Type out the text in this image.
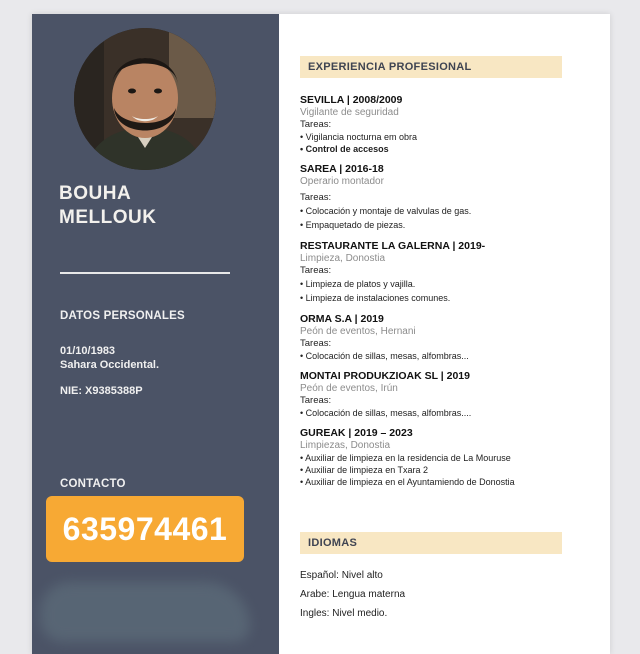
BOUHA
MELLOUK
DATOS PERSONALES
01/10/1983
Sahara Occidental.
NIE: X9385388P
CONTACTO
635974461
EXPERIENCIA PROFESIONAL
SEVILLA | 2008/2009
Vigilante de seguridad
Tareas:
• Vigilancia nocturna em obra
• Control de accesos
SAREA | 2016-18
Operario montador
Tareas:
• Colocación y montaje de valvulas de gas.
• Empaquetado de piezas.
RESTAURANTE LA GALERNA | 2019-
Limpieza, Donostia
Tareas:
• Limpieza de platos y vajilla.
• Limpieza de instalaciones comunes.
ORMA S.A | 2019
Peón de eventos, Hernani
Tareas:
• Colocación de sillas, mesas, alfombras...
MONTAI PRODUKZIOAK SL | 2019
Peón de eventos, Irún
Tareas:
• Colocación de sillas, mesas, alfombras....
GUREAK | 2019 – 2023
Limpiezas, Donostia
• Auxiliar de limpieza en la residencia de La Mouruse
• Auxiliar de limpieza en Txara 2
• Auxiliar de limpieza en el Ayuntamiendo de Donostia
IDIOMAS
Español: Nivel alto
Arabe: Lengua materna
Ingles: Nivel medio.
